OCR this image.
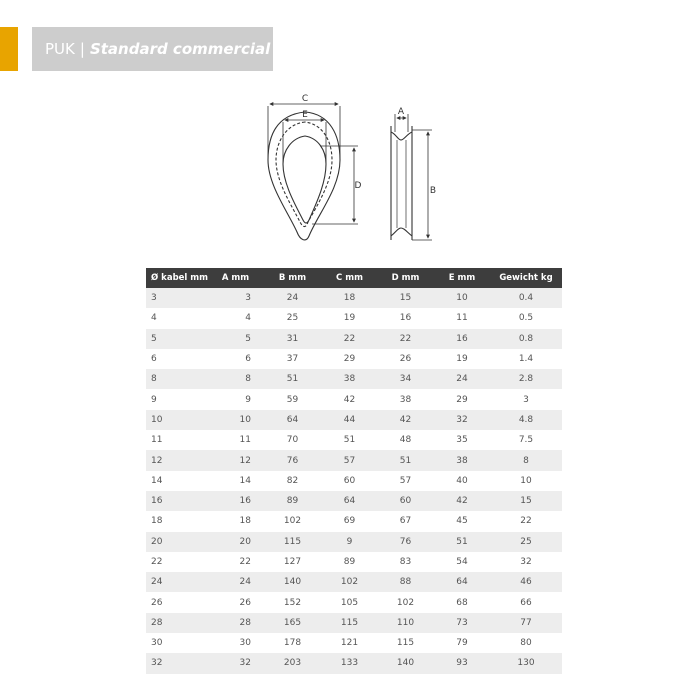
PUK | Standard commercial
C
E
D
A
B
Ø kabel mm	A mm	B mm	C mm	D mm	E mm	Gewicht kg
3	3	24	18	15	10	0.4
4	4	25	19	16	11	0.5
5	5	31	22	22	16	0.8
6	6	37	29	26	19	1.4
8	8	51	38	34	24	2.8
9	9	59	42	38	29	3
10	10	64	44	42	32	4.8
11	11	70	51	48	35	7.5
12	12	76	57	51	38	8
14	14	82	60	57	40	10
16	16	89	64	60	42	15
18	18	102	69	67	45	22
20	20	115	9	76	51	25
22	22	127	89	83	54	32
24	24	140	102	88	64	46
26	26	152	105	102	68	66
28	28	165	115	110	73	77
30	30	178	121	115	79	80
32	32	203	133	140	93	130
